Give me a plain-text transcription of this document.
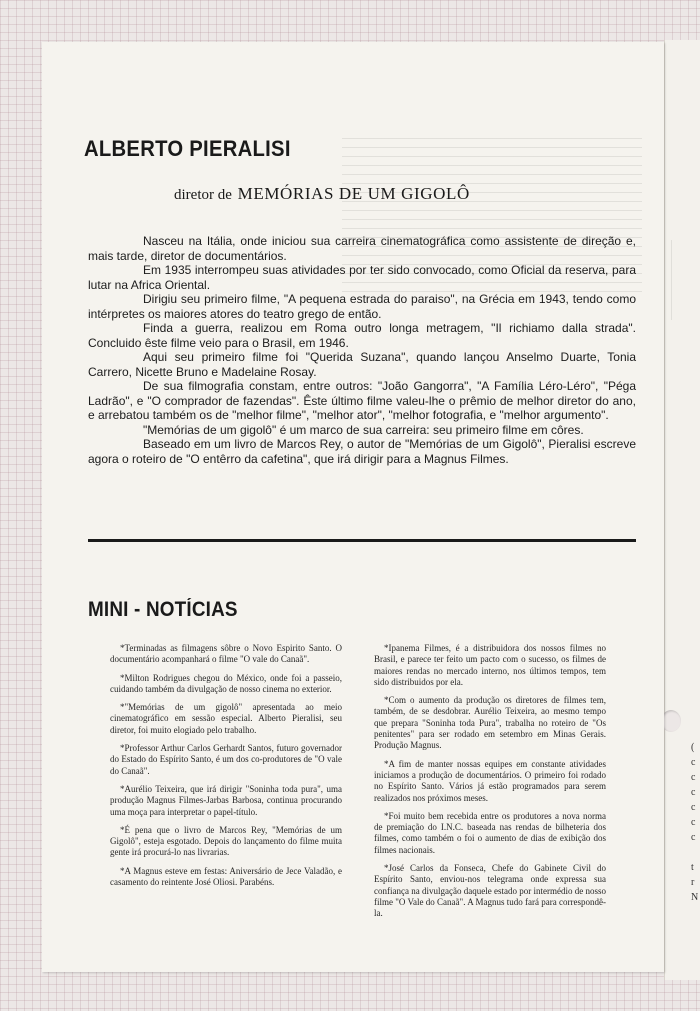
(
c
c
c
c
c
c

t
r
N
ALBERTO PIERALISI
diretor de MEMÓRIAS DE UM GIGOLÔ

Nasceu na Itália, onde iniciou sua carreira cinematográfica como assistente de direção e, mais tarde, diretor de documentários.

Em 1935 interrompeu suas atividades por ter sido convocado, como Oficial da reserva, para lutar na Africa Oriental.

Dirigiu seu primeiro filme, "A pequena estrada do paraiso", na Grécia em 1943, tendo como intérpretes os maiores atores do teatro grego de então.

Finda a guerra, realizou em Roma outro longa metragem, "Il richiamo dalla strada". Concluido êste filme veio para o Brasil, em 1946.

Aqui seu primeiro filme foi "Querida Suzana", quando lançou Anselmo Duarte, Tonia Carrero, Nicette Bruno e Madelaine Rosay.

De sua filmografia constam, entre outros: "João Gangorra", "A Família Léro-Léro", "Péga Ladrão", e "O comprador de fazendas". Êste último filme valeu-lhe o prêmio de melhor diretor do ano, e arrebatou também os de "melhor filme", "melhor ator", "melhor fotografia, e "melhor argumento".

"Memórias de um gigolô" é um marco de sua carreira: seu primeiro filme em côres.

Baseado em um livro de Marcos Rey, o autor de "Memórias de um Gigolô", Pieralisi escreve agora o roteiro de "O entêrro da cafetina", que irá dirigir para a Magnus Filmes.

MINI - NOTÍCIAS

*Terminadas as filmagens sôbre o Novo Espirito Santo. O documentário acompanhará o filme "O vale do Canaã".

*Milton Rodrigues chegou do México, onde foi a passeio, cuidando também da divulgação de nosso cinema no exterior.

*"Memórias de um gigolô" apresentada ao meio cinematográfico em sessão especial. Alberto Pieralisi, seu diretor, foi muito elogiado pelo trabalho.

*Professor Arthur Carlos Gerhardt Santos, futuro governador do Estado do Espírito Santo, é um dos co-produtores de "O vale do Canaã".

*Aurélio Teixeira, que irá dirigir "Soninha toda pura", uma produção Magnus Filmes-Jarbas Barbosa, continua procurando uma moça para interpretar o papel-título.

*É pena que o livro de Marcos Rey, "Memórias de um Gigolô", esteja esgotado. Depois do lançamento do filme muita gente irá procurá-lo nas livrarias.

*A Magnus esteve em festas: Aniversário de Jece Valadão, e casamento do reintente José Oliosi. Parabéns.

*Ipanema Filmes, é a distribuidora dos nossos filmes no Brasil, e parece ter feito um pacto com o sucesso, os filmes de maiores rendas no mercado interno, nos últimos tempos, tem sido distribuidos por ela.

*Com o aumento da produção os diretores de filmes tem, também, de se desdobrar. Aurélio Teixeira, ao mesmo tempo que prepara "Soninha toda Pura", trabalha no roteiro de "Os penitentes" para ser rodado em setembro em Minas Gerais. Produção Magnus.

*A fim de manter nossas equipes em constante atividades iniciamos a produção de documentários. O primeiro foi rodado no Espírito Santo. Vários já estão programados para serem realizados nos próximos meses.

*Foi muito bem recebida entre os produtores a nova norma de premiação do I.N.C. baseada nas rendas de bilheteria dos filmes, como também o foi o aumento de dias de exibição dos filmes nacionais.

*José Carlos da Fonseca, Chefe do Gabinete Civil do Espírito Santo, enviou-nos telegrama onde expressa sua confiança na divulgação daquele estado por intermédio de nosso filme "O Vale do Canaã". A Magnus tudo fará para correspondê-la.
